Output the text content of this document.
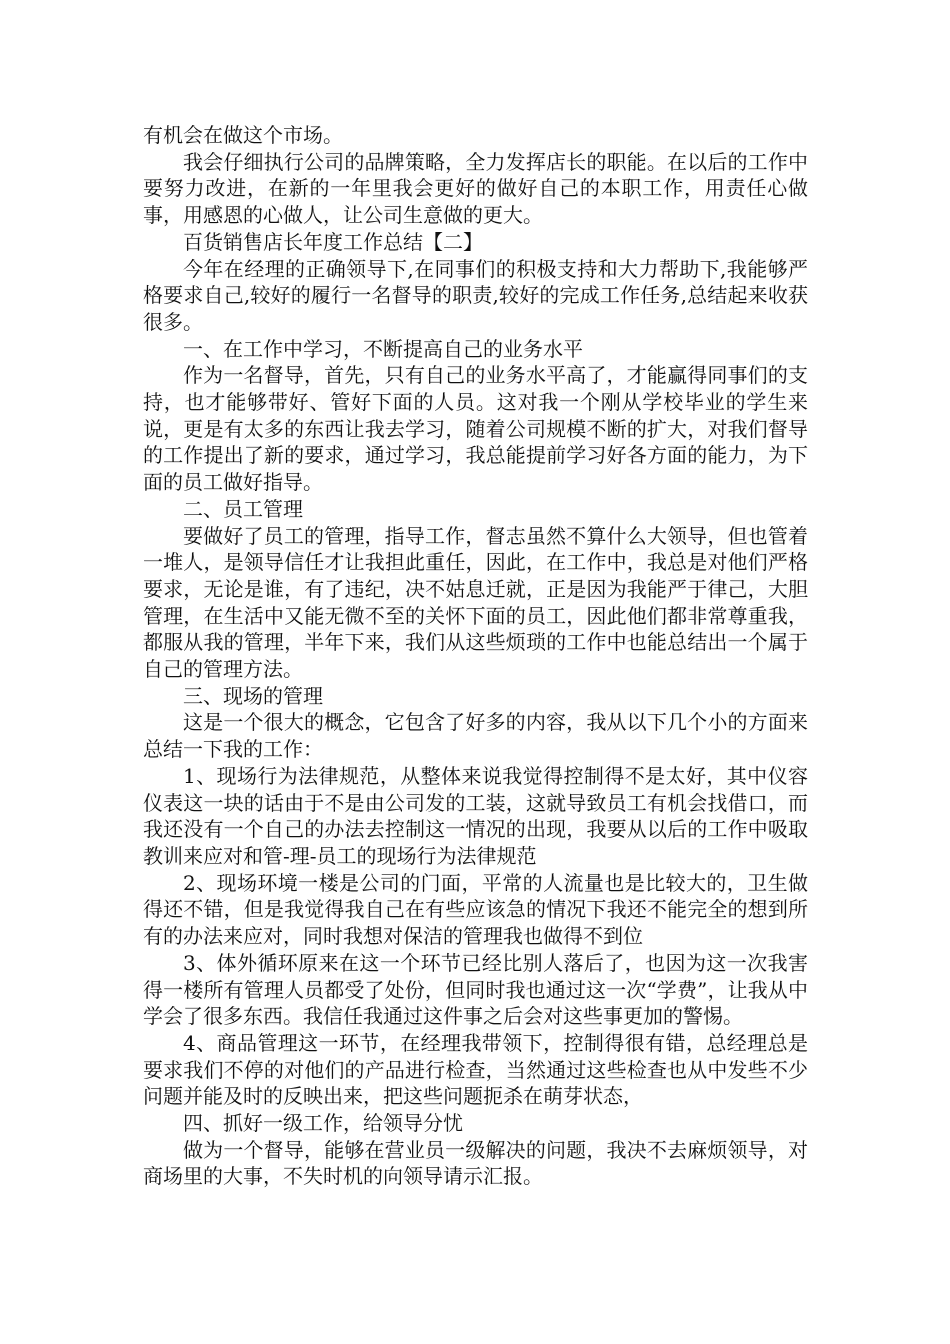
有机会在做这个市场。

我会仔细执行公司的品牌策略，全力发挥店长的职能。在以后的工作中要努力改进，在新的一年里我会更好的做好自己的本职工作，用责任心做事，用感恩的心做人，让公司生意做的更大。

百货销售店长年度工作总结【二】

今年在经理的正确领导下,在同事们的积极支持和大力帮助下,我能够严格要求自己,较好的履行一名督导的职责,较好的完成工作任务,总结起来收获很多。

一、在工作中学习，不断提高自己的业务水平

作为一名督导，首先，只有自己的业务水平高了，才能赢得同事们的支持，也才能够带好、管好下面的人员。这对我一个刚从学校毕业的学生来说，更是有太多的东西让我去学习，随着公司规模不断的扩大，对我们督导的工作提出了新的要求，通过学习，我总能提前学习好各方面的能力，为下面的员工做好指导。

二、员工管理

要做好了员工的管理，指导工作，督志虽然不算什么大领导，但也管着一堆人，是领导信任才让我担此重任，因此，在工作中，我总是对他们严格要求，无论是谁，有了违纪，决不姑息迁就，正是因为我能严于律己，大胆管理，在生活中又能无微不至的关怀下面的员工，因此他们都非常尊重我，都服从我的管理，半年下来，我们从这些烦琐的工作中也能总结出一个属于自己的管理方法。

三、现场的管理

这是一个很大的概念，它包含了好多的内容，我从以下几个小的方面来总结一下我的工作：

1、现场行为法律规范，从整体来说我觉得控制得不是太好，其中仪容仪表这一块的话由于不是由公司发的工装，这就导致员工有机会找借口，而我还没有一个自己的办法去控制这一情况的出现，我要从以后的工作中吸取教训来应对和管-理-员工的现场行为法律规范

2、现场环境一楼是公司的门面，平常的人流量也是比较大的，卫生做得还不错，但是我觉得我自己在有些应该急的情况下我还不能完全的想到所有的办法来应对，同时我想对保洁的管理我也做得不到位

3、体外循环原来在这一个环节已经比别人落后了，也因为这一次我害得一楼所有管理人员都受了处份，但同时我也通过这一次“学费”，让我从中学会了很多东西。我信任我通过这件事之后会对这些事更加的警惕。

4、商品管理这一环节，在经理我带领下，控制得很有错，总经理总是要求我们不停的对他们的产品进行检查，当然通过这些检查也从中发些不少问题并能及时的反映出来，把这些问题扼杀在萌芽状态，

四、抓好一级工作，给领导分忧

做为一个督导，能够在营业员一级解决的问题，我决不去麻烦领导，对商场里的大事，不失时机的向领导请示汇报。
